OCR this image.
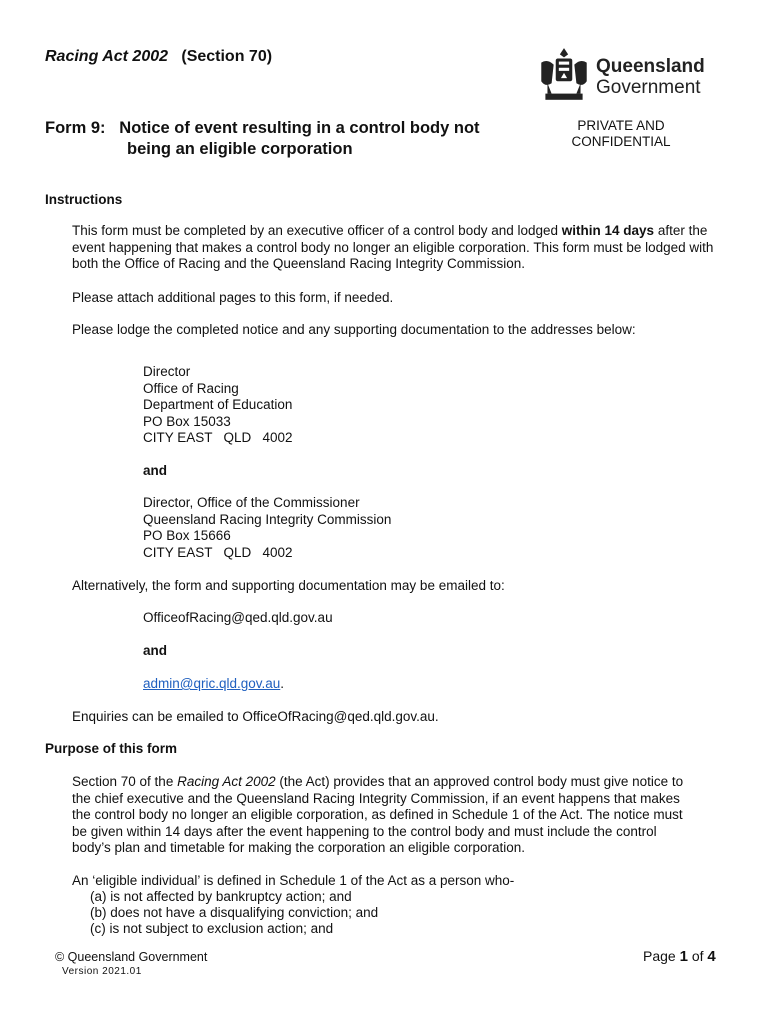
Racing Act 2002 (Section 70)	Queensland
Government
Form 9: Notice of event resulting in a control body not
being an eligible corporation
PRIVATE AND
CONFIDENTIAL
Instructions
This form must be completed by an executive officer of a control body and lodged within 14 days after the event happening that makes a control body no longer an eligible corporation. This form must be lodged with both the Office of Racing and the Queensland Racing Integrity Commission.
Please attach additional pages to this form, if needed.
Please lodge the completed notice and any supporting documentation to the addresses below:
Director
Office of Racing
Department of Education
PO Box 15033
CITY EAST   QLD   4002
and
Director, Office of the Commissioner
Queensland Racing Integrity Commission
PO Box 15666
CITY EAST   QLD   4002
Alternatively, the form and supporting documentation may be emailed to:
OfficeofRacing@qed.qld.gov.au
and
admin@qric.qld.gov.au.
Enquiries can be emailed to OfficeOfRacing@qed.qld.gov.au.
Purpose of this form
Section 70 of the Racing Act 2002 (the Act) provides that an approved control body must give notice to the chief executive and the Queensland Racing Integrity Commission, if an event happens that makes the control body no longer an eligible corporation, as defined in Schedule 1 of the Act. The notice must be given within 14 days after the event happening to the control body and must include the control body’s plan and timetable for making the corporation an eligible corporation.
An ‘eligible individual’ is defined in Schedule 1 of the Act as a person who-
(a) is not affected by bankruptcy action; and
(b) does not have a disqualifying conviction; and
(c) is not subject to exclusion action; and
© Queensland Government
Version 2021.01
Page 1 of 4
